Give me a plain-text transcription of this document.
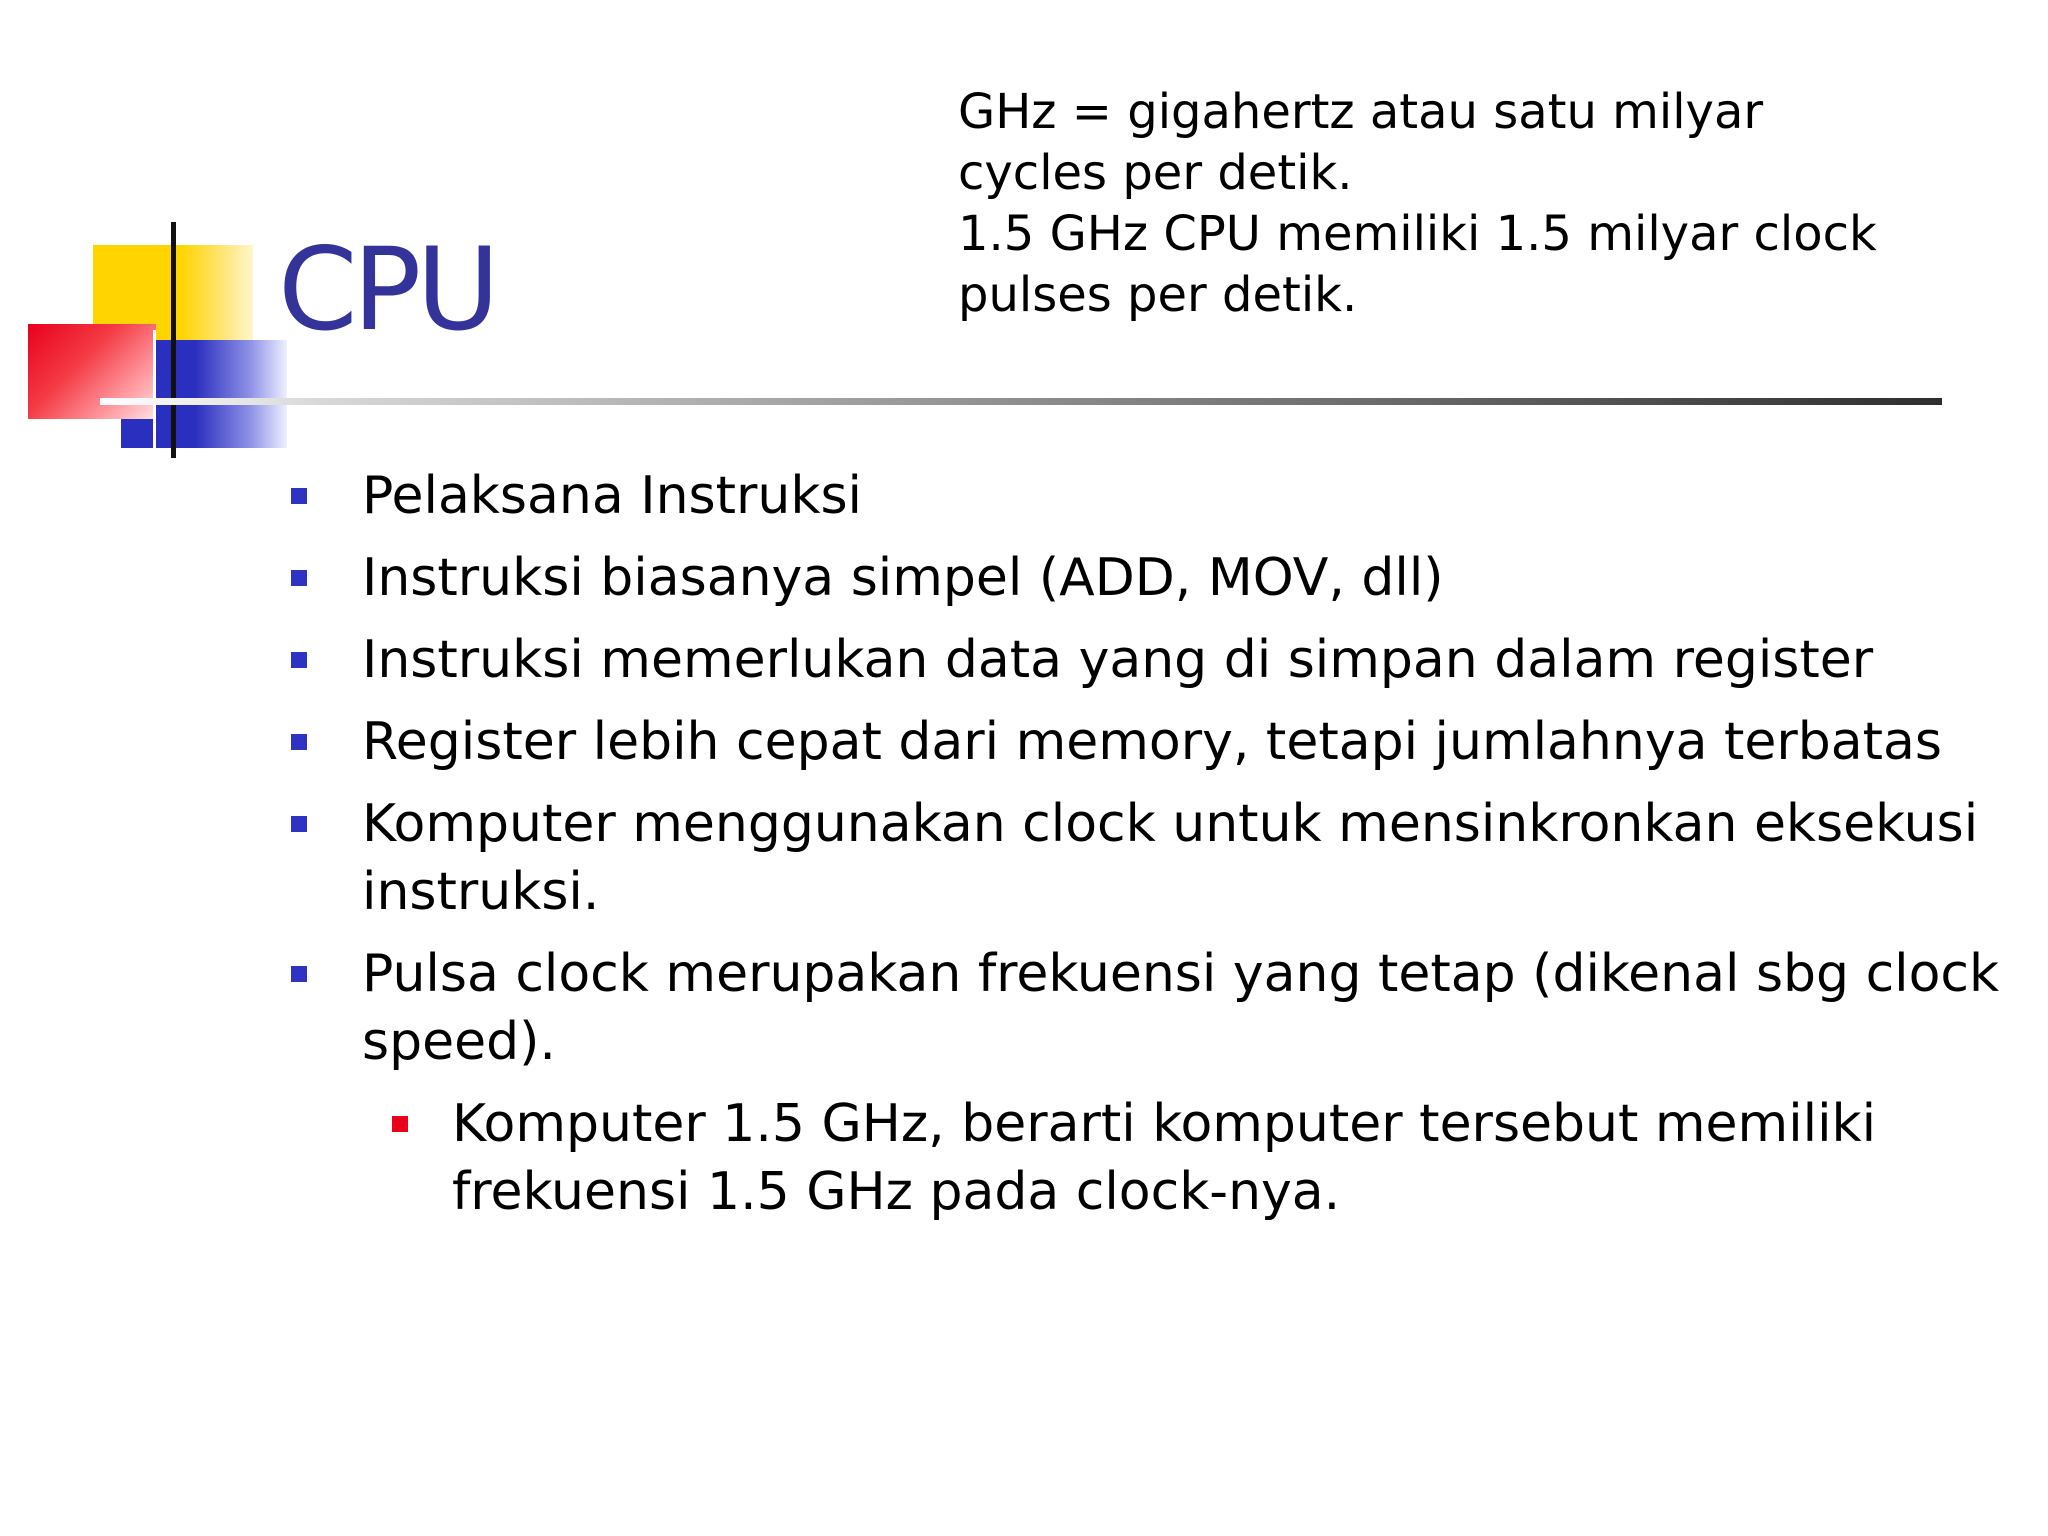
CPU

GHz = gigahertz atau satu milyar cycles per detik.

1.5 GHz CPU memiliki 1.5 milyar clock pulses per detik.

Pelaksana Instruksi
Instruksi biasanya simpel (ADD, MOV, dll)
Instruksi memerlukan data yang di simpan dalam register
Register lebih cepat dari memory, tetapi jumlahnya terbatas
Komputer menggunakan clock untuk mensinkronkan eksekusi instruksi.
Pulsa clock merupakan frekuensi yang tetap (dikenal sbg clock speed).
Komputer 1.5 GHz, berarti komputer tersebut memiliki frekuensi 1.5 GHz pada clock-nya.
